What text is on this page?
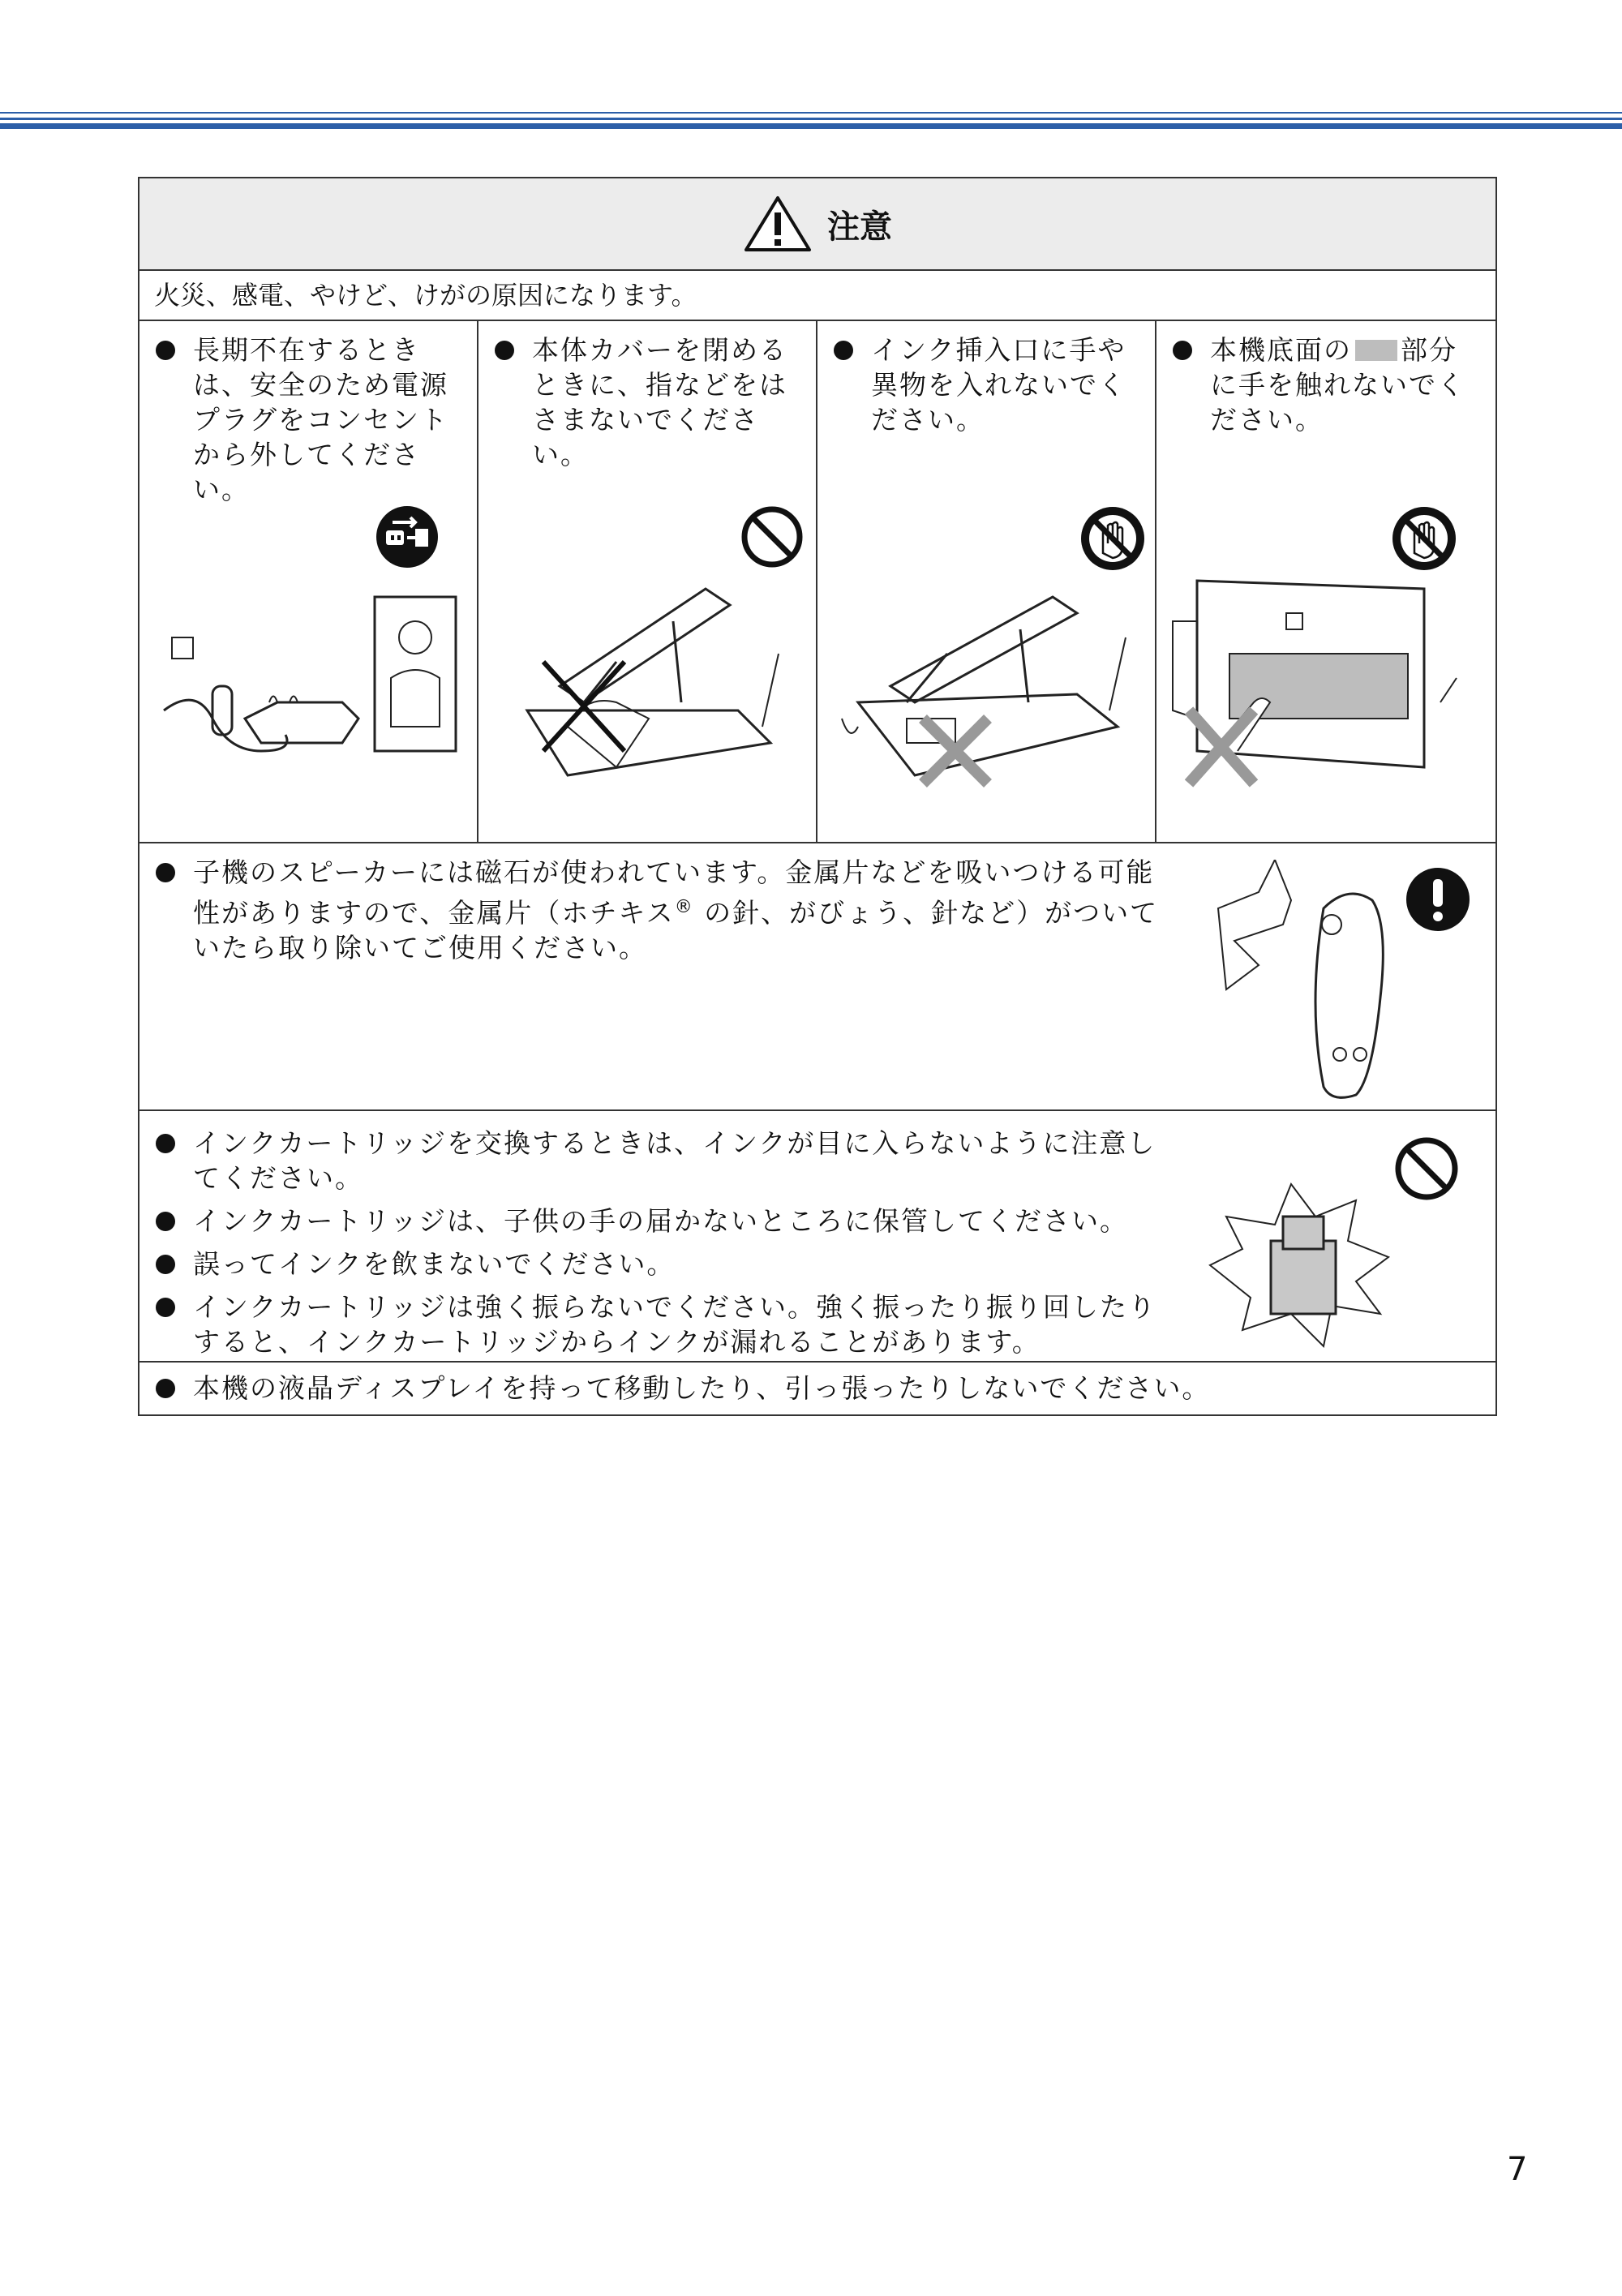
注意
火災、感電、やけど、けがの原因になります。
長期不在するときは、安全のため電源プラグをコンセントから外してください。
本体カバーを閉めるときに、指などをはさまないでください。
インク挿入口に手や異物を入れないでください。
本機底面の 部分に手を触れないでください。
子機のスピーカーには磁石が使われています。金属片などを吸いつける可能性がありますので、金属片（ホチキス® の針、がびょう、針など）がついていたら取り除いてご使用ください。
インクカートリッジを交換するときは、インクが目に入らないように注意してください。
インクカートリッジは、子供の手の届かないところに保管してください。
誤ってインクを飲まないでください。
インクカートリッジは強く振らないでください。強く振ったり振り回したりすると、インクカートリッジからインクが漏れることがあります。
本機の液晶ディスプレイを持って移動したり、引っ張ったりしないでください。
7
